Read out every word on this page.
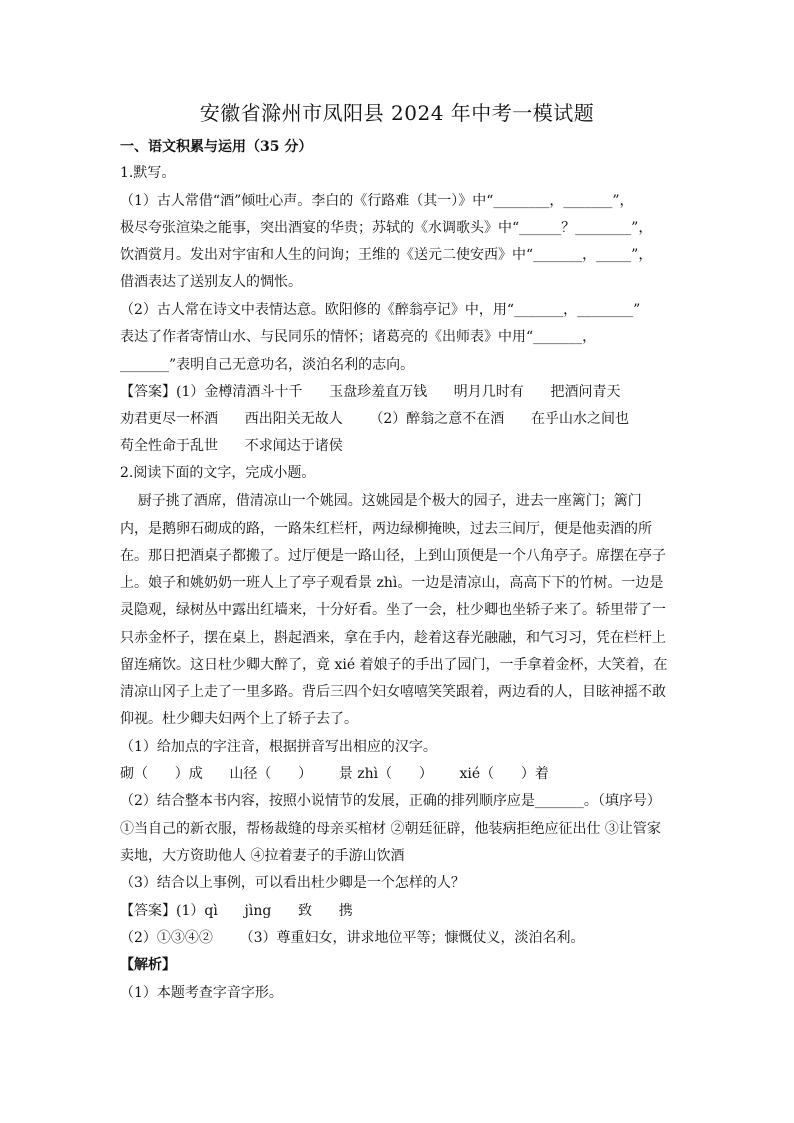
安徽省滁州市凤阳县 2024 年中考一模试题
一、语文积累与运用（35 分）
1.默写。
（1）古人常借“酒”倾吐心声。李白的《行路难（其一）》中“________，_______”，
极尽夸张渲染之能事，突出酒宴的华贵；苏轼的《水调歌头》中“______？________”，
饮酒赏月。发出对宇宙和人生的问询；王维的《送元二使安西》中“_______，_____”，
借酒表达了送别友人的惆怅。
（2）古人常在诗文中表情达意。欧阳修的《醉翁亭记》中，用“_______，________”
表达了作者寄情山水、与民同乐的情怀；诸葛亮的《出师表》中用“_______，
_______”表明自己无意功名，淡泊名利的志向。
【答案】(1）金樽清酒斗十千      玉盘珍羞直万钱      明月几时有      把酒问青天
劝君更尽一杯酒      西出阳关无故人      （2）醉翁之意不在酒      在乎山水之间也
苟全性命于乱世      不求闻达于诸侯
2.阅读下面的文字，完成小题。
厨子挑了酒席，借清凉山一个姚园。这姚园是个极大的园子，进去一座篱门；篱门
内，是鹅卵石砌成的路，一路朱红栏杆，两边绿柳掩映，过去三间厅，便是他卖酒的所
在。那日把酒桌子都搬了。过厅便是一路山径，上到山顶便是一个八角亭子。席摆在亭子
上。娘子和姚奶奶一班人上了亭子观看景 zhì。一边是清凉山，高高下下的竹树。一边是
灵隐观，绿树丛中露出红墙来，十分好看。坐了一会，杜少卿也坐轿子来了。轿里带了一
只赤金杯子，摆在桌上，斟起酒来，拿在手内，趁着这春光融融，和气习习，凭在栏杆上
留连痛饮。这日杜少卿大醉了，竟 xié 着娘子的手出了园门，一手拿着金杯，大笑着，在
清凉山冈子上走了一里多路。背后三四个妇女嘻嘻笑笑跟着，两边看的人，目眩神摇不敢
仰视。杜少卿夫妇两个上了轿子去了。
（1）给加点的字注音，根据拼音写出相应的汉字。
砌（      ）成      山径（      ）      景 zhì（      ）      xié（      ）着
（2）结合整本书内容，按照小说情节的发展，正确的排列顺序应是_______。（填序号）
①当自己的新衣服，帮杨裁缝的母亲买棺材 ②朝廷征辟，他装病拒绝应征出仕 ③让管家
卖地，大方资助他人 ④拉着妻子的手游山饮酒
（3）结合以上事例，可以看出杜少卿是一个怎样的人？
【答案】(1）qì      jìng      致      携
（2）①③④②      （3）尊重妇女，讲求地位平等；慷慨仗义，淡泊名利。
【解析】
（1）本题考查字音字形。
